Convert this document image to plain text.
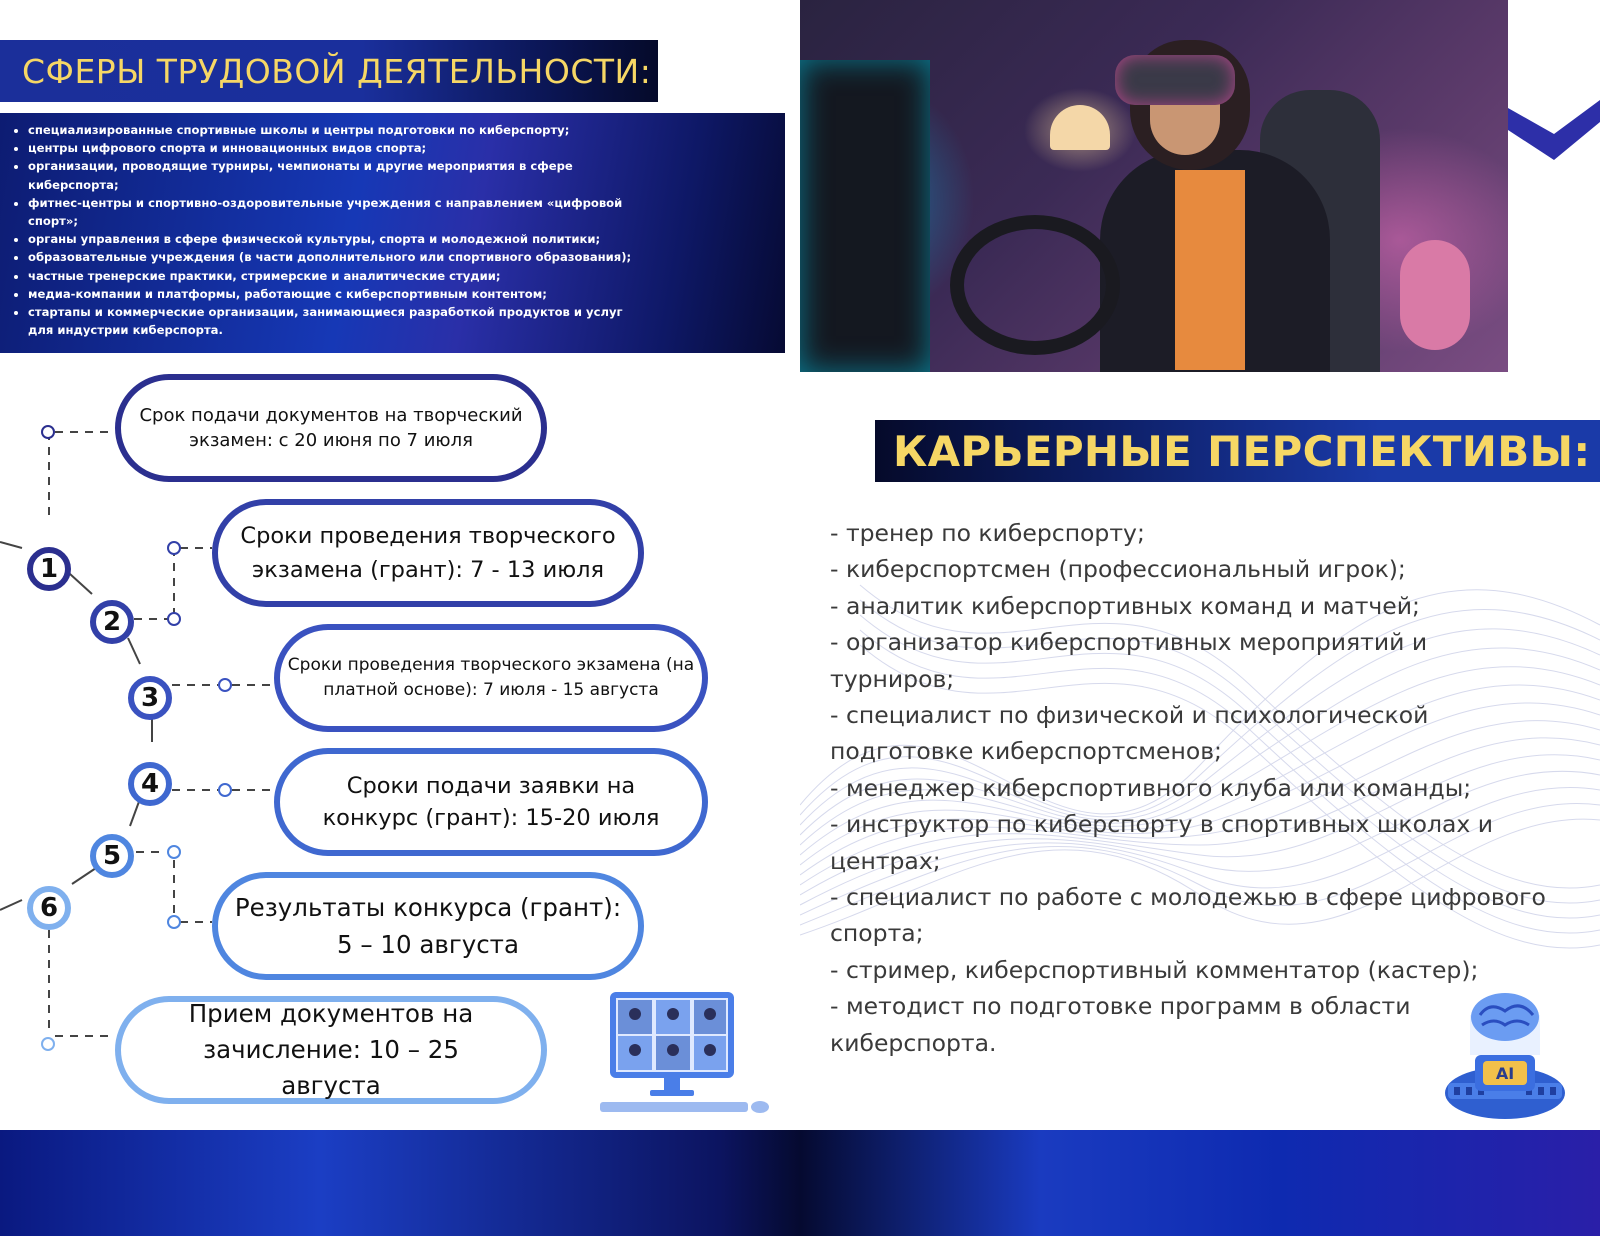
СФЕРЫ ТРУДОВОЙ ДЕЯТЕЛЬНОСТИ:
• специализированные спортивные школы и центры подготовки по киберспорту;
• центры цифрового спорта и инновационных видов спорта;
• организации, проводящие турниры, чемпионаты и другие мероприятия в сфере киберспорта;
• фитнес-центры и спортивно-оздоровительные учреждения с направлением «цифровой спорт»;
• органы управления в сфере физической культуры, спорта и молодежной политики;
• образовательные учреждения (в части дополнительного или спортивного образования);
• частные тренерские практики, стримерские и аналитические студии;
• медиа-компании и платформы, работающие с киберспортивным контентом;
• стартапы и коммерческие организации, занимающиеся разработкой продуктов и услуг для индустрии киберспорта.
КАРЬЕРНЫЕ ПЕРСПЕКТИВЫ:
- тренер по киберспорту;
- киберспортсмен (профессиональный игрок);
- аналитик киберспортивных команд и матчей;
- организатор киберспортивных мероприятий и
турниров;
- специалист по физической и психологической
подготовке киберспортсменов;
- менеджер киберспортивного клуба или команды;
- инструктор по киберспорту в спортивных школах и
центрах;
- специалист по работе с молодежью в сфере цифрового
спорта;
- стример, киберспортивный комментатор (кастер);
- методист по подготовке программ в области
киберспорта.
1
2
3
4
5
6
Срок подачи документов на творческий экзамен: с 20 июня по 7 июля
Сроки проведения творческого экзамена (грант): 7 - 13 июля
Сроки проведения творческого экзамена (на платной основе): 7 июля - 15 августа
Сроки подачи заявки на конкурс (грант): 15-20 июля
Результаты конкурса (грант): 5 – 10 августа
Прием документов на зачисление: 10 – 25 августа	AI
